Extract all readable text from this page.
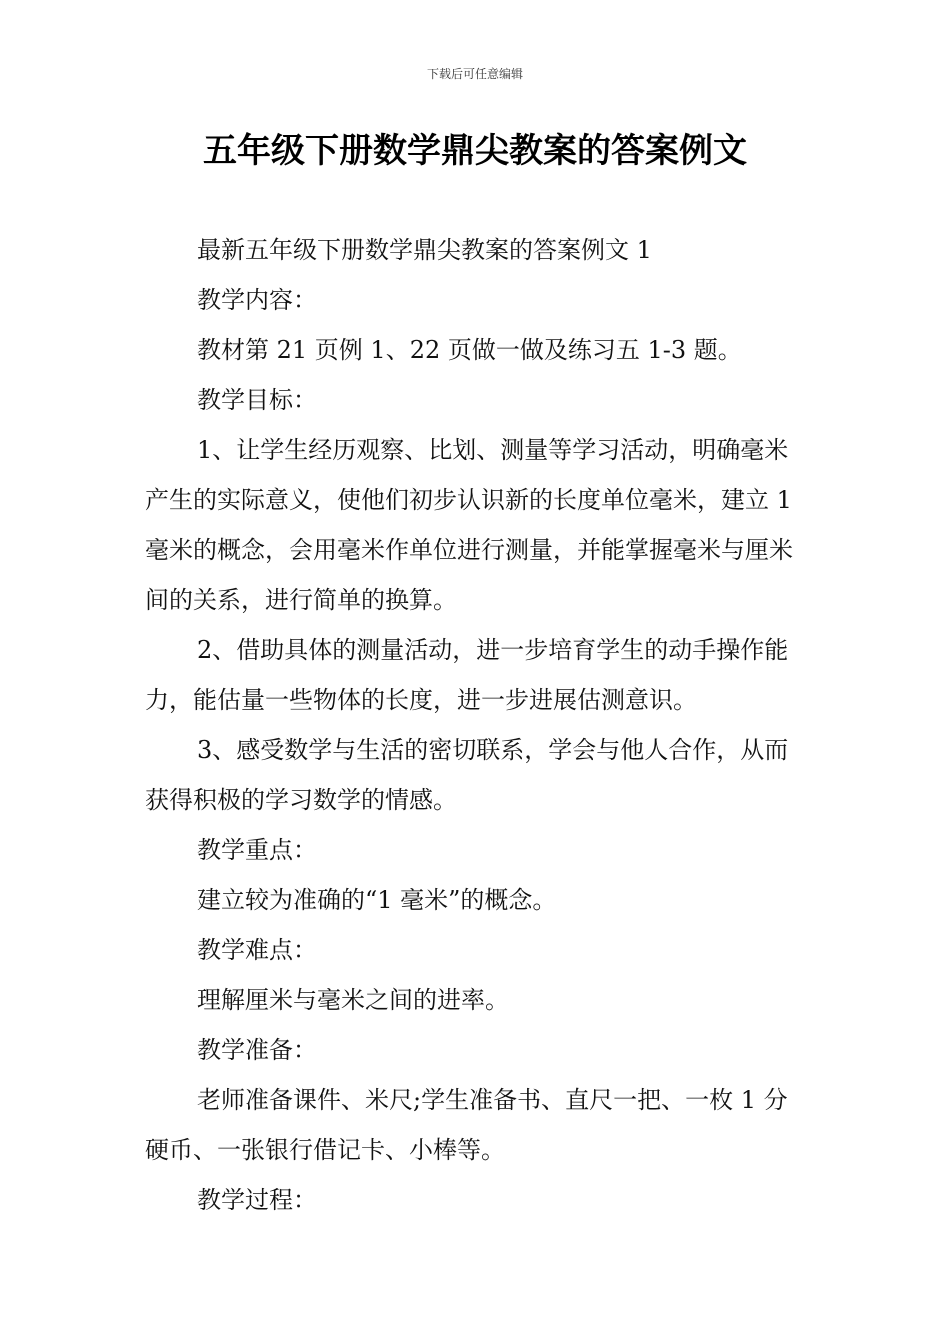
下载后可任意编辑
五年级下册数学鼎尖教案的答案例文

最新五年级下册数学鼎尖教案的答案例文 1

教学内容：

教材第 21 页例 1、22 页做一做及练习五 1-3 题。

教学目标：

1、让学生经历观察、比划、测量等学习活动，明确毫米产生的实际意义，使他们初步认识新的长度单位毫米，建立 1 毫米的概念，会用毫米作单位进行测量，并能掌握毫米与厘米间的关系，进行简单的换算。

2、借助具体的测量活动，进一步培育学生的动手操作能力，能估量一些物体的长度，进一步进展估测意识。

3、感受数学与生活的密切联系，学会与他人合作，从而获得积极的学习数学的情感。

教学重点：

建立较为准确的“1 毫米”的概念。

教学难点：

理解厘米与毫米之间的进率。

教学准备：

老师准备课件、米尺;学生准备书、直尺一把、一枚 1 分硬币、一张银行借记卡、小棒等。

教学过程：
